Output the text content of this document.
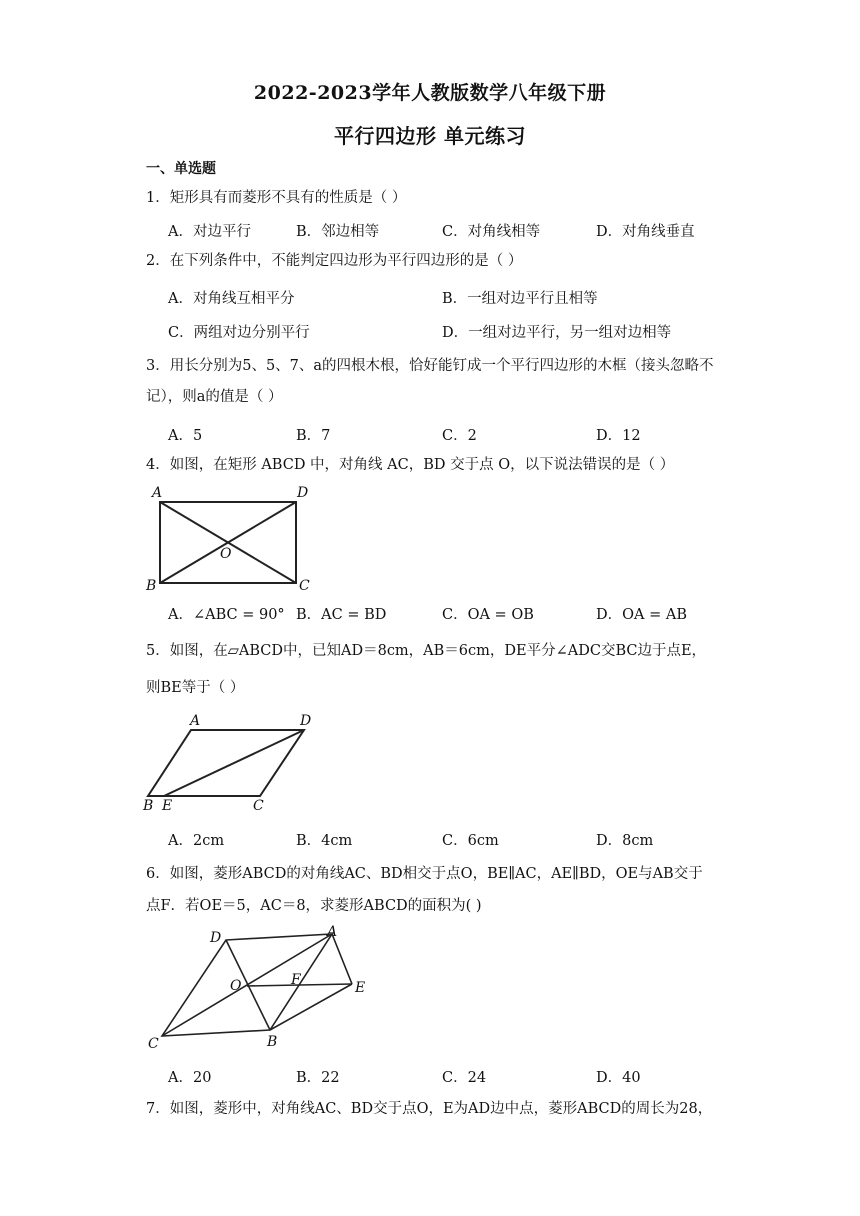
2022-2023学年人教版数学八年级下册
平行四边形 单元练习
一、单选题
1．矩形具有而菱形不具有的性质是（ ）
A．对边平行	B．邻边相等	C．对角线相等	D．对角线垂直
2．在下列条件中，不能判定四边形为平行四边形的是（ ）
A．对角线互相平分	B．一组对边平行且相等
C．两组对边分别平行	D．一组对边平行，另一组对边相等
3．用长分别为5、5、7、a的四根木根，恰好能钉成一个平行四边形的木框（接头忽略不记），则a的值是（ ）
A．5	B．7	C．2	D．12
4．如图，在矩形 ABCD 中，对角线 AC，BD 交于点 O，以下说法错误的是（ ）
A	D
O
B	C
A．∠ABC = 90° B．AC = BD	C．OA = OB	D．OA = AB
5．如图，在▱ABCD中，已知AD＝8cm，AB＝6cm，DE平分∠ADC交BC边于点E，
则BE等于（ ）
A	D
B E	C
A．2cm	B．4cm	C．6cm	D．8cm
6．如图，菱形ABCD的对角线AC、BD相交于点O，BE∥AC，AE∥BD，OE与AB交于
点F．若OE＝5，AC＝8，求菱形ABCD的面积为( )
D	A
O	F	E
C	B
A．20	B．22	C．24	D．40
7．如图，菱形中，对角线AC、BD交于点O，E为AD边中点，菱形ABCD的周长为28，
